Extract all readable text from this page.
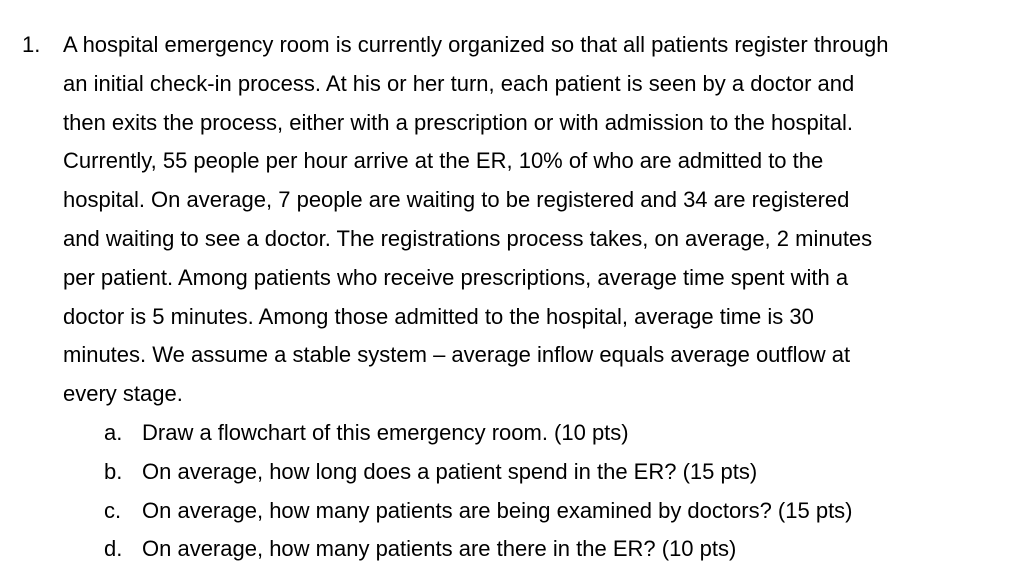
1. A hospital emergency room is currently organized so that all patients register through
an initial check-in process. At his or her turn, each patient is seen by a doctor and
then exits the process, either with a prescription or with admission to the hospital.
Currently, 55 people per hour arrive at the ER, 10% of who are admitted to the
hospital. On average, 7 people are waiting to be registered and 34 are registered
and waiting to see a doctor. The registrations process takes, on average, 2 minutes
per patient. Among patients who receive prescriptions, average time spent with a
doctor is 5 minutes. Among those admitted to the hospital, average time is 30
minutes. We assume a stable system – average inflow equals average outflow at
every stage.
a. Draw a flowchart of this emergency room. (10 pts)
b. On average, how long does a patient spend in the ER? (15 pts)
c. On average, how many patients are being examined by doctors? (15 pts)
d. On average, how many patients are there in the ER? (10 pts)
